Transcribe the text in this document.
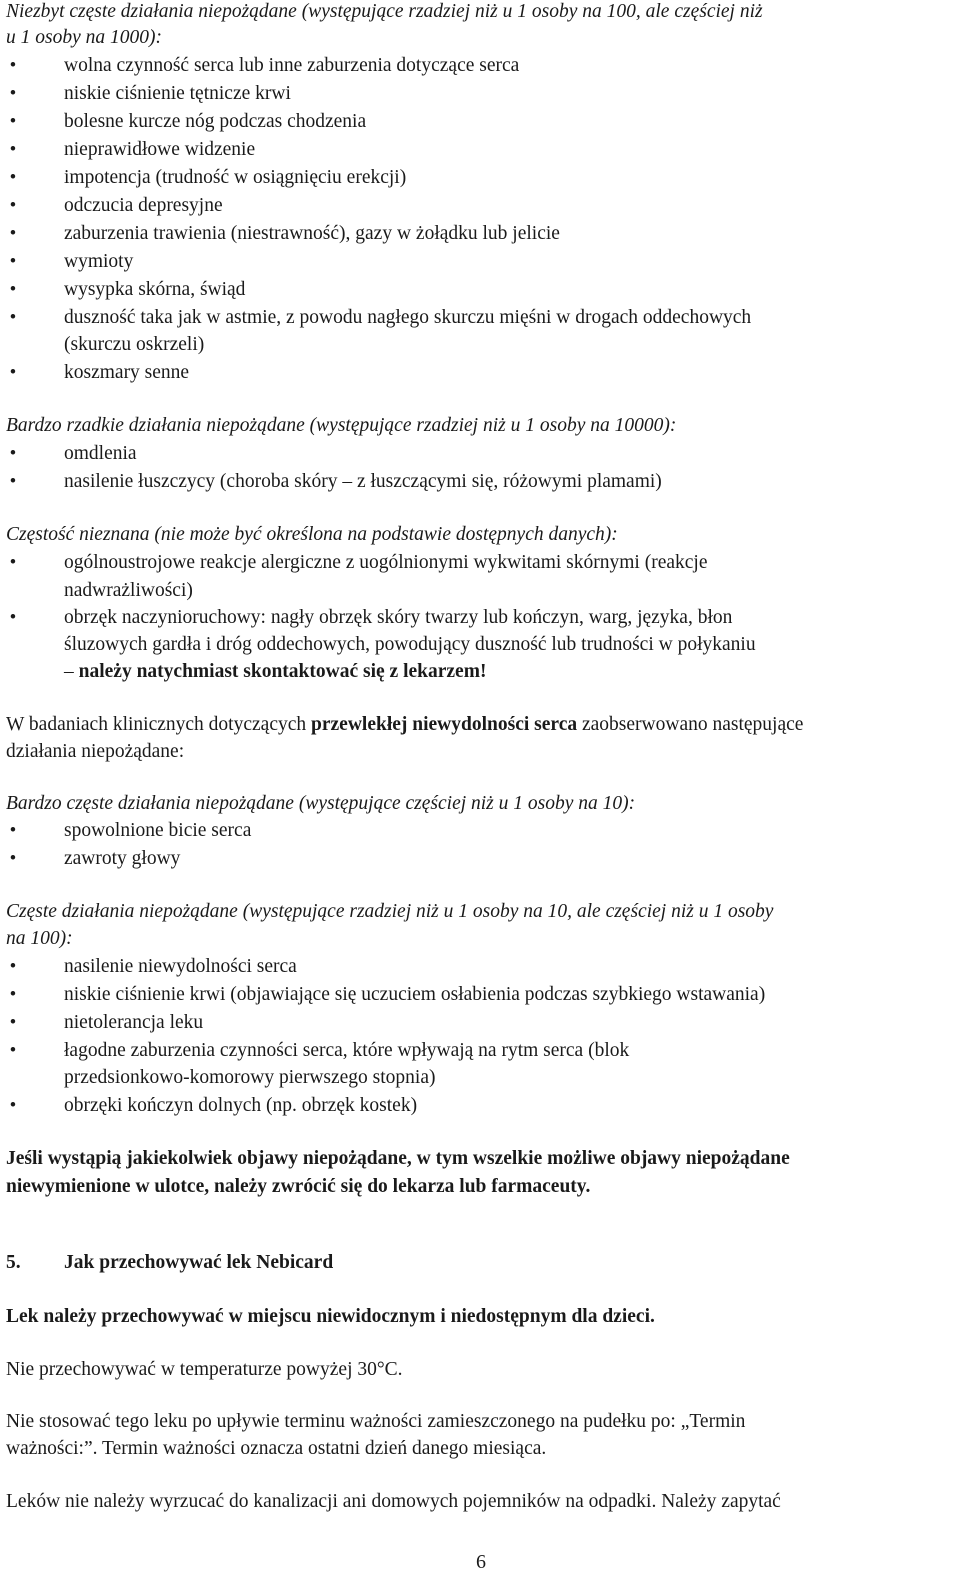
Niezbyt częste działania niepożądane (występujące rzadziej niż u 1 osoby na 100, ale częściej niż

u 1 osoby na 1000):

• wolna czynność serca lub inne zaburzenia dotyczące serca
• niskie ciśnienie tętnicze krwi
• bolesne kurcze nóg podczas chodzenia
• nieprawidłowe widzenie
• impotencja (trudność w osiągnięciu erekcji)
• odczucia depresyjne
• zaburzenia trawienia (niestrawność), gazy w żołądku lub jelicie
• wymioty
• wysypka skórna, świąd
• duszność taka jak w astmie, z powodu nagłego skurczu mięśni w drogach oddechowych
(skurczu oskrzeli)
• koszmary senne

Bardzo rzadkie działania niepożądane (występujące rzadziej niż u 1 osoby na 10000):

• omdlenia
• nasilenie łuszczycy (choroba skóry – z łuszczącymi się, różowymi plamami)

Częstość nieznana (nie może być określona na podstawie dostępnych danych):

• ogólnoustrojowe reakcje alergiczne z uogólnionymi wykwitami skórnymi (reakcje
nadwrażliwości)
• obrzęk naczynioruchowy: nagły obrzęk skóry twarzy lub kończyn, warg, języka, błon
śluzowych gardła i dróg oddechowych, powodujący duszność lub trudności w połykaniu
– należy natychmiast skontaktować się z lekarzem!

W badaniach klinicznych dotyczących przewlekłej niewydolności serca zaobserwowano następujące

działania niepożądane:

Bardzo częste działania niepożądane (występujące częściej niż u 1 osoby na 10):

• spowolnione bicie serca
• zawroty głowy

Częste działania niepożądane (występujące rzadziej niż u 1 osoby na 10, ale częściej niż u 1 osoby

na 100):

• nasilenie niewydolności serca
• niskie ciśnienie krwi (objawiające się uczuciem osłabienia podczas szybkiego wstawania)
• nietolerancja leku
• łagodne zaburzenia czynności serca, które wpływają na rytm serca (blok
przedsionkowo-komorowy pierwszego stopnia)
• obrzęki kończyn dolnych (np. obrzęk kostek)

Jeśli wystąpią jakiekolwiek objawy niepożądane, w tym wszelkie możliwe objawy niepożądane

niewymienione w ulotce, należy zwrócić się do lekarza lub farmaceuty.

5. Jak przechowywać lek Nebicard

Lek należy przechowywać w miejscu niewidocznym i niedostępnym dla dzieci.

Nie przechowywać w temperaturze powyżej 30°C.

Nie stosować tego leku po upływie terminu ważności zamieszczonego na pudełku po: „Termin

ważności:”. Termin ważności oznacza ostatni dzień danego miesiąca.

Leków nie należy wyrzucać do kanalizacji ani domowych pojemników na odpadki. Należy zapytać

6
